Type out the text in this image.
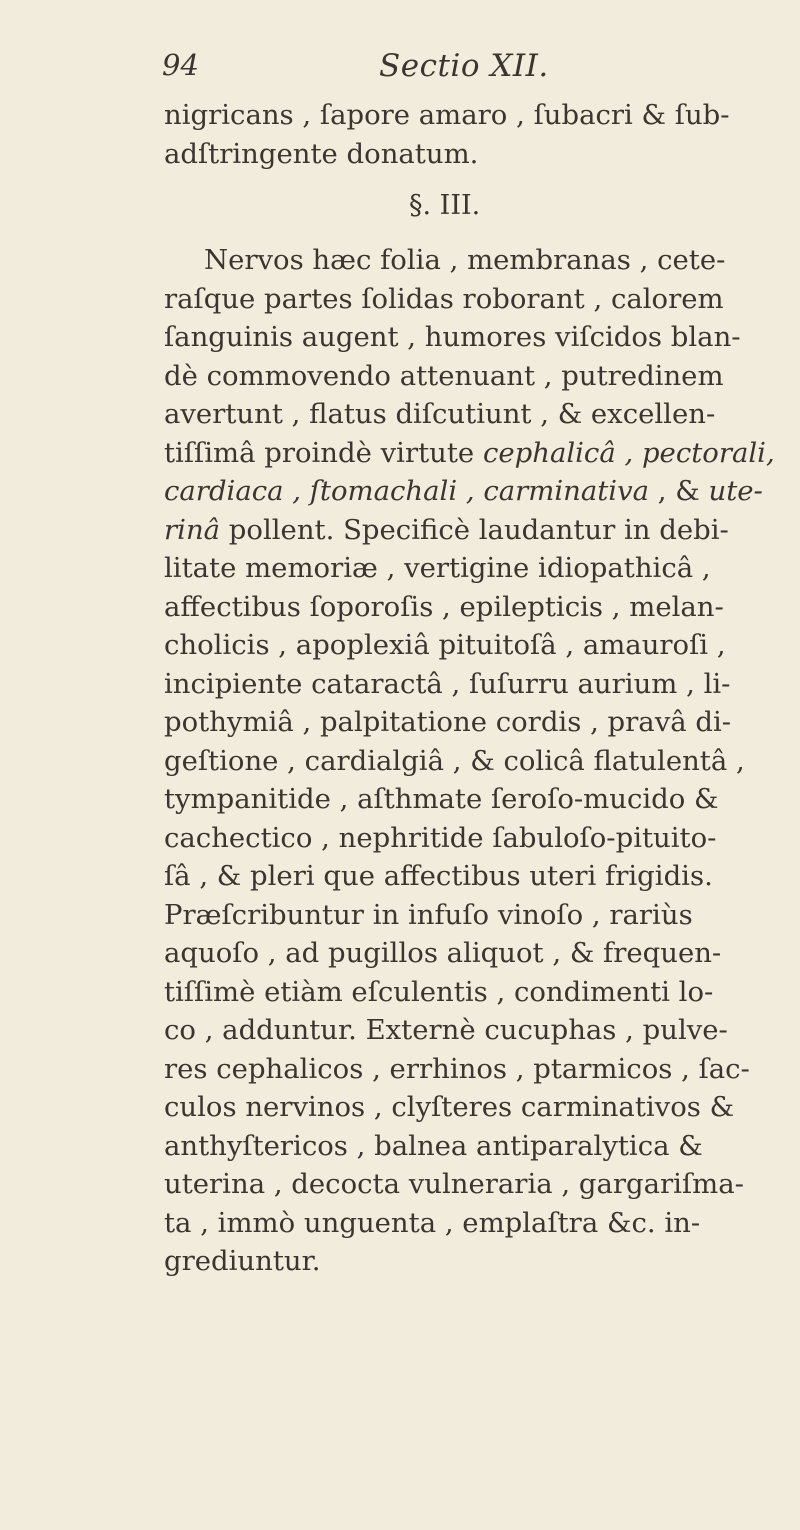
94	Sectio XII.
nigricans , ſapore amaro , ſubacri & ſub-
adſtringente donatum.
§. III.
Nervos hæc folia , membranas , cete-
raſque partes ſolidas roborant , calorem
ſanguinis augent , humores viſcidos blan-
dè commovendo attenuant , putredinem
avertunt , flatus diſcutiunt , & excellen-
tiſſimâ proindè virtute cephalicâ , pectorali,
cardiaca , ſtomachali , carminativa , & ute-
rinâ pollent. Specificè laudantur in debi-
litate memoriæ , vertigine idiopathicâ ,
affectibus ſoporoſis , epilepticis , melan-
cholicis , apoplexiâ pituitoſâ , amauroſi ,
incipiente cataractâ , ſuſurru aurium , li-
pothymiâ , palpitatione cordis , pravâ di-
geſtione , cardialgiâ , & colicâ flatulentâ ,
tympanitide , aſthmate ſeroſo-mucido &
cachectico , nephritide ſabuloſo-pituito-
ſâ , & pleri que affectibus uteri frigidis.
Præſcribuntur in infuſo vinoſo , rariùs
aquoſo , ad pugillos aliquot , & frequen-
tiſſimè etiàm eſculentis , condimenti lo-
co , adduntur. Externè cucuphas , pulve-
res cephalicos , errhinos , ptarmicos , ſac-
culos nervinos , clyſteres carminativos &
anthyſtericos , balnea antiparalytica &
uterina , decocta vulneraria , gargariſma-
ta , immò unguenta , emplaſtra &c. in-
grediuntur.
